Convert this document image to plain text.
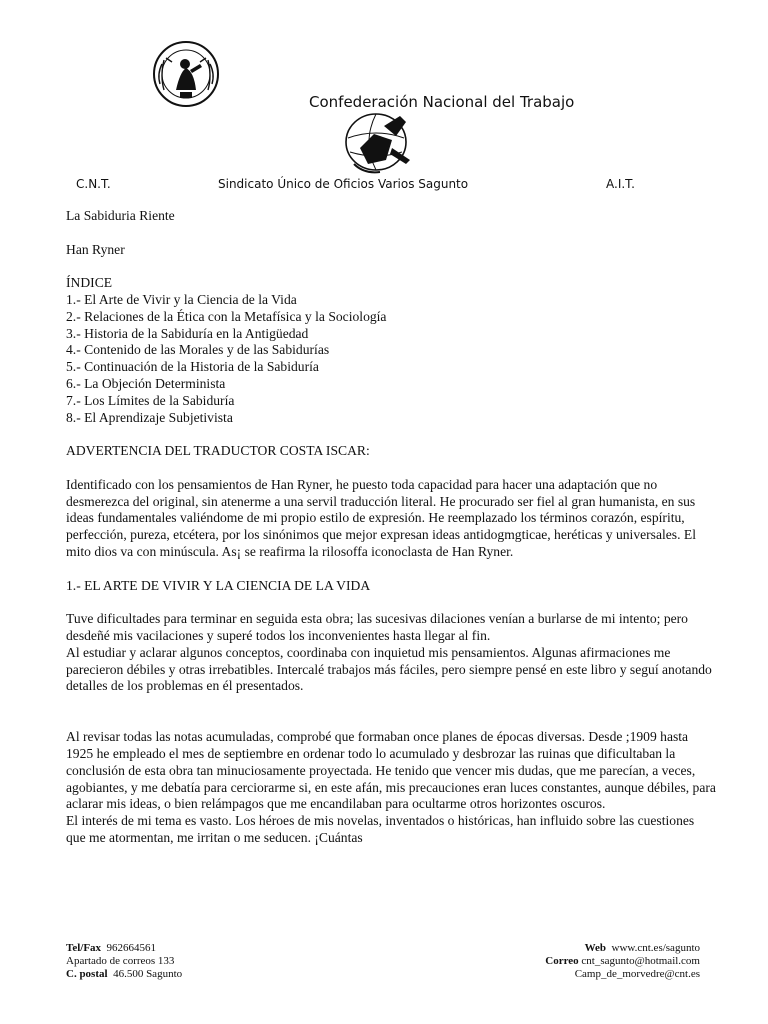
Confederación Nacional del Trabajo
C.N.T.	Sindicato Único de Oficios Varios Sagunto	A.I.T.

La Sabiduria Riente

Han Ryner

ÍNDICE

1.- El Arte de Vivir y la Ciencia de la Vida
2.- Relaciones de la Ética con la Metafísica y la Sociología
3.- Historia de la Sabiduría en la Antigüedad
4.- Contenido de las Morales y de las Sabidurías
5.- Continuación de la Historia de la Sabiduría
6.- La Objeción Determinista
7.- Los Límites de la Sabiduría
8.- El Aprendizaje Subjetivista

ADVERTENCIA DEL TRADUCTOR COSTA ISCAR:

Identificado con los pensamientos de Han Ryner, he puesto toda capacidad para hacer una adaptación que no desmerezca del original, sin atenerme a una servil traducción literal. He procurado ser fiel al gran humanista, en sus ideas fundamentales valiéndome de mi propio estilo de expresión. He reemplazado los términos corazón, espíritu, perfección, pureza, etcétera, por los sinónimos que mejor expresan ideas antidogmgticae, heréticas y universales. El mito dios va con minúscula. As¡ se reafirma la rilosoffa iconoclasta de Han Ryner.

1.- EL ARTE DE VIVIR Y LA CIENCIA DE LA VIDA

Tuve dificultades para terminar en seguida esta obra; las sucesivas dilaciones venían a burlarse de mi intento; pero desdeñé mis vacilaciones y superé todos los inconvenientes hasta llegar al fin.

Al estudiar y aclarar algunos conceptos, coordinaba con inquietud mis pensamientos. Algunas afirmaciones me parecieron débiles y otras irrebatibles. Intercalé trabajos más fáciles, pero siempre pensé en este libro y seguí anotando detalles de los problemas en él presentados.

Al revisar todas las notas acumuladas, comprobé que formaban once planes de épocas diversas. Desde ;1909 hasta 1925 he empleado el mes de septiembre en ordenar todo lo acumulado y desbrozar las ruinas que dificultaban la conclusión de esta obra tan minuciosamente proyectada. He tenido que vencer mis dudas, que me parecían, a veces, agobiantes, y me debatía para cerciorarme si, en este afán, mis precauciones eran luces constantes, aunque débiles, para aclarar mis ideas, o bien relámpagos que me encandilaban para ocultarme otros horizontes oscuros.

El interés de mi tema es vasto. Los héroes de mis novelas, inventados o históricas, han influido sobre las cuestiones que me atormentan, me irritan o me seducen. ¡Cuántas

Tel/Fax 962664561
Apartado de correos 133
C. postal 46.500 Sagunto
Web www.cnt.es/sagunto
Correo cnt_sagunto@hotmail.com
Camp_de_morvedre@cnt.es
